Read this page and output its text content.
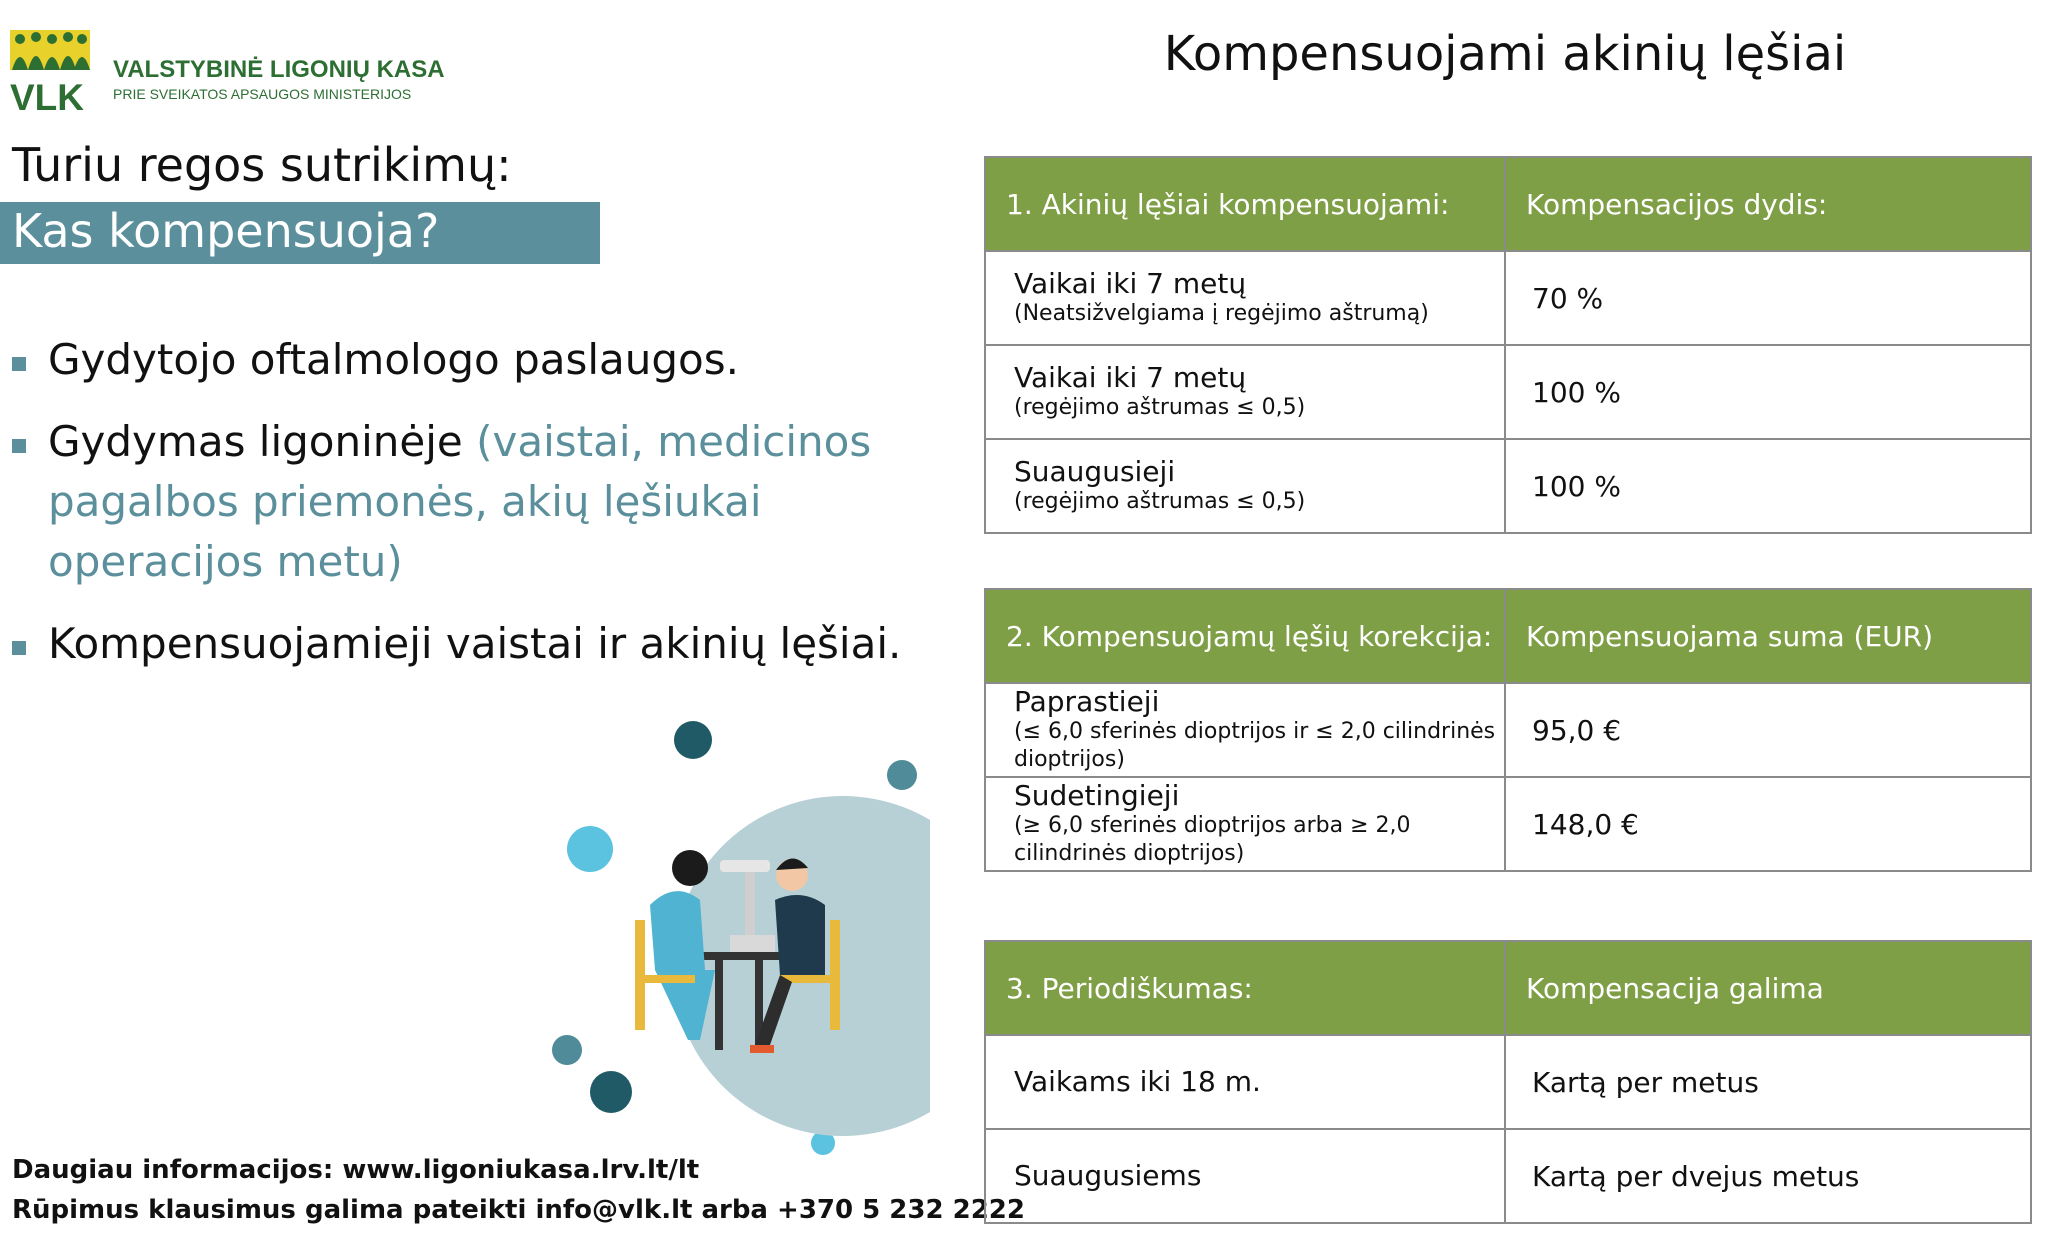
VLK
VALSTYBINĖ LIGONIŲ KASA
PRIE SVEIKATOS APSAUGOS MINISTERIJOS
Turiu regos sutrikimų:
Kas kompensuoja?
Gydytojo oftalmologo paslaugos.
Gydymas ligoninėje (vaistai, medicinos pagalbos priemonės, akių lęšiukai operacijos metu)
Kompensuojamieji vaistai ir akinių lęšiai.
Daugiau informacijos: www.ligoniukasa.lrv.lt/lt
Rūpimus klausimus galima pateikti info@vlk.lt arba +370 5 232 2222
Kompensuojami akinių lęšiai
1. Akinių lęšiai kompensuojami:	Kompensacijos dydis:

Vaikai iki 7 metų
(Neatsižvelgiama į regėjimo aštrumą)	70 %

Vaikai iki 7 metų
(regėjimo aštrumas ≤ 0,5)	100 %

Suaugusieji
(regėjimo aštrumas ≤ 0,5)	100 %
2. Kompensuojamų lęšių korekcija:	Kompensuojama suma (EUR)

Paprastieji
(≤ 6,0 sferinės dioptrijos ir ≤ 2,0 cilindrinės dioptrijos)	95,0 €

Sudetingieji
(≥ 6,0 sferinės dioptrijos arba ≥ 2,0 cilindrinės dioptrijos)	148,0 €
3. Periodiškumas:	Kompensacija galima

Vaikams iki 18 m.	Kartą per metus

Suaugusiems	Kartą per dvejus metus
